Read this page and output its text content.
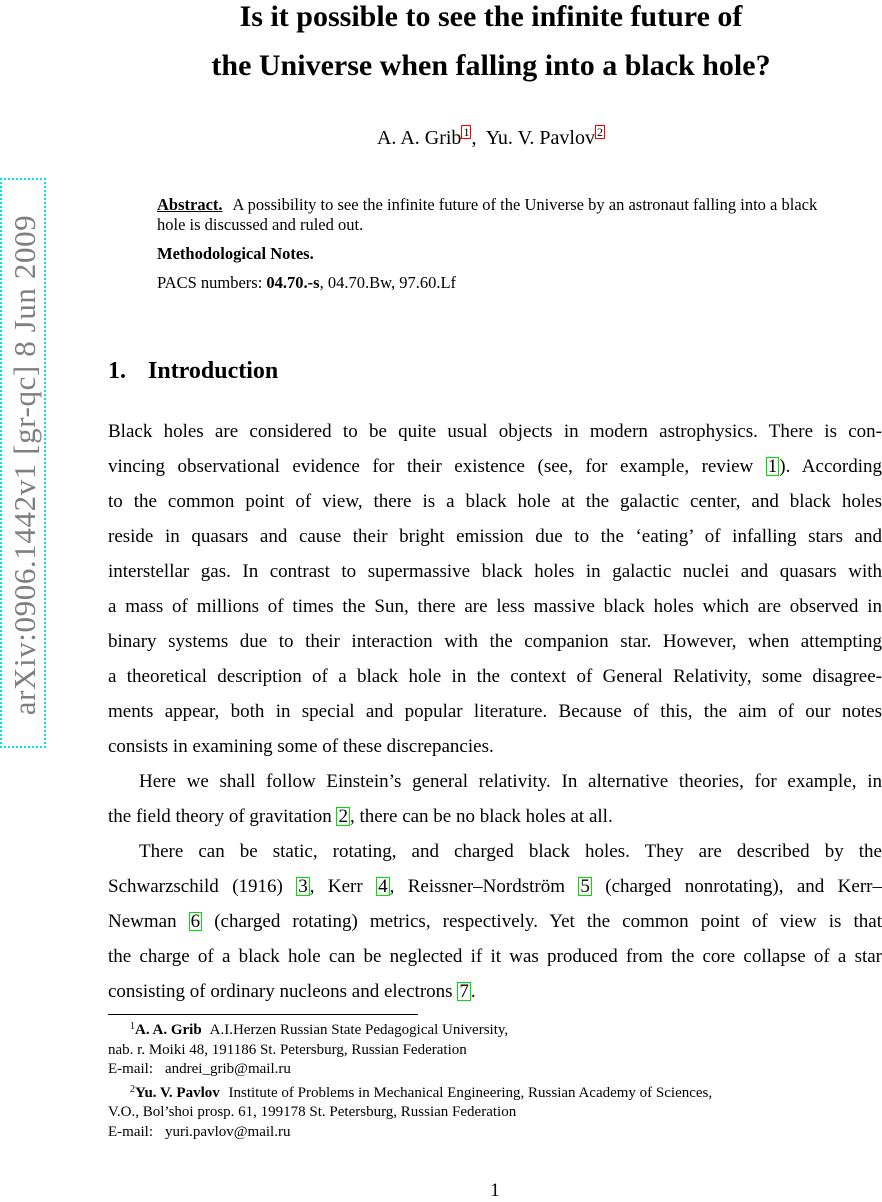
arXiv:0906.1442v1 [gr-qc] 8 Jun 2009
Is it possible to see the infinite future of
the Universe when falling into a black hole?
A. A. Grib 1 ,  Yu. V. Pavlov 2

Abstract. A possibility to see the infinite future of the Universe by an astronaut falling into a black hole is discussed and ruled out.

Methodological Notes.

PACS numbers: 04.70.-s, 04.70.Bw, 97.60.Lf

1. Introduction
Black holes are considered to be quite usual objects in modern astrophysics. There is con-
vincing observational evidence for their existence (see, for example, review 1 ). According
to the common point of view, there is a black hole at the galactic center, and black holes
reside in quasars and cause their bright emission due to the ‘eating’ of infalling stars and
interstellar gas. In contrast to supermassive black holes in galactic nuclei and quasars with
a mass of millions of times the Sun, there are less massive black holes which are observed in
binary systems due to their interaction with the companion star. However, when attempting
a theoretical description of a black hole in the context of General Relativity, some disagree-
ments appear, both in special and popular literature. Because of this, the aim of our notes
consists in examining some of these discrepancies.
Here we shall follow Einstein’s general relativity. In alternative theories, for example, in
the field theory of gravitation 2 , there can be no black holes at all.
There can be static, rotating, and charged black holes. They are described by the
Schwarzschild (1916) 3 , Kerr 4 , Reissner–Nordström 5 (charged nonrotating), and Kerr–
Newman 6 (charged rotating) metrics, respectively. Yet the common point of view is that
the charge of a black hole can be neglected if it was produced from the core collapse of a star
consisting of ordinary nucleons and electrons 7 .
$^1$A. A. Grib A.I.Herzen Russian State Pedagogical University,
nab. r. Moiki 48, 191186 St. Petersburg, Russian Federation
E-mail: andrei_grib@mail.ru
$^2$Yu. V. Pavlov Institute of Problems in Mechanical Engineering, Russian Academy of Sciences,
V.O., Bol’shoi prosp. 61, 199178 St. Petersburg, Russian Federation
E-mail: yuri.pavlov@mail.ru
1
